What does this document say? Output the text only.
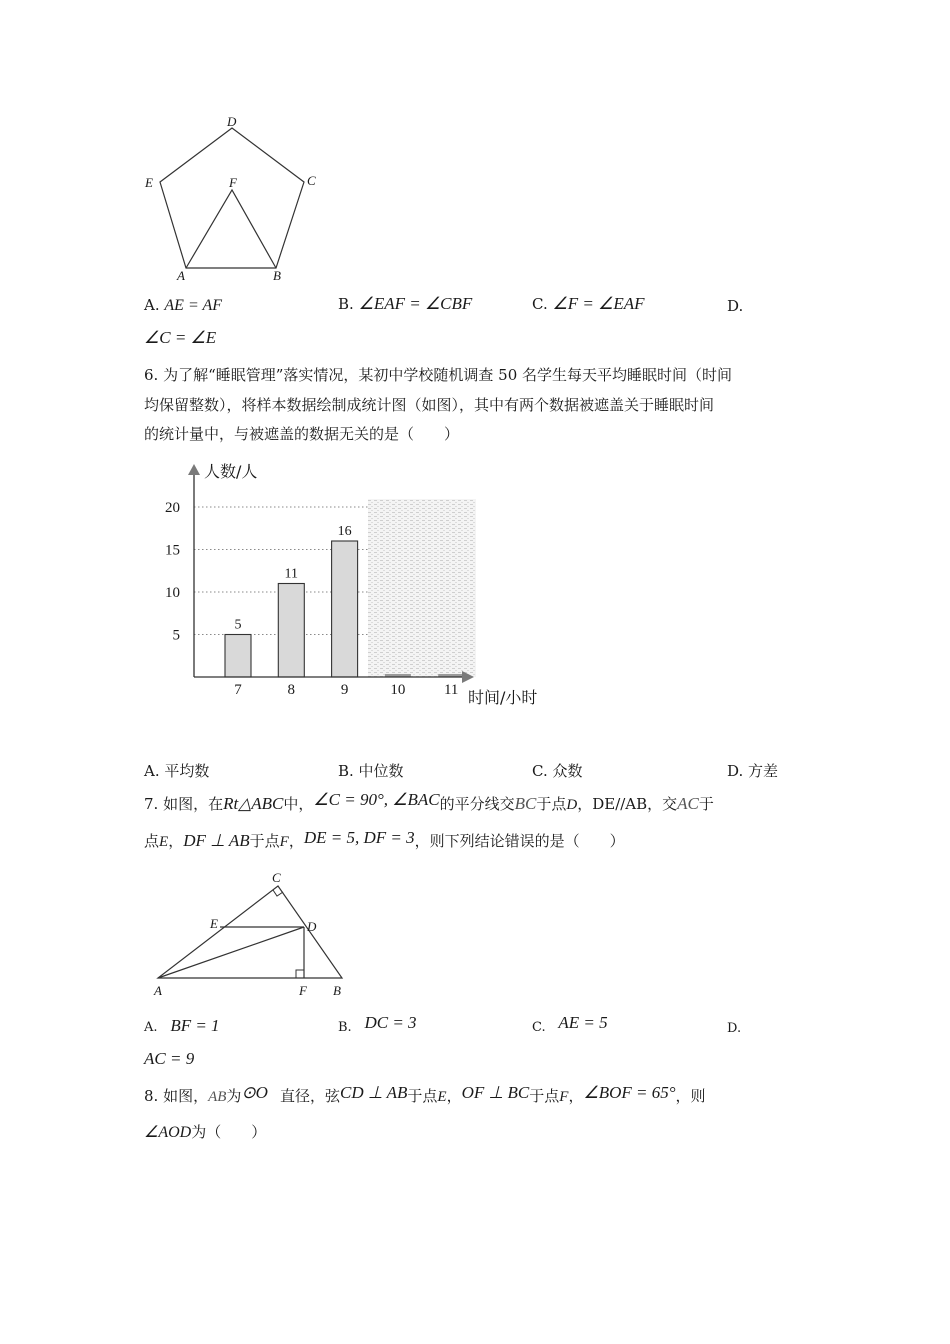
D
E	C
F
A	B
A. AE = AF	B. ∠EAF = ∠CBF	C. ∠F = ∠EAF	D.
∠C = ∠E
6. 为了解“睡眠管理”落实情况，某初中学校随机调查 50 名学生每天平均睡眠时间（时间
均保留整数），将样本数据绘制成统计图（如图），其中有两个数据被遮盖关于睡眠时间
的统计量中，与被遮盖的数据无关的是（　　）
5
11
16
人数/人
时间/小时
5
10
15
20
7	8	9	10	11
A. 平均数	B. 中位数	C. 众数	D. 方差
7. 如图，在Rt△ABC中，∠C = 90°, ∠BAC的平分线交BC于点D，DE//AB，交AC于
点E，DF ⊥ AB于点F，DE = 5, DF = 3，则下列结论错误的是（　　）
C
E	D
A	F B
A. BF = 1	B. DC = 3	C. AE = 5	D.
AC = 9
8. 如图，AB为⊙O 直径，弦CD ⊥ AB于点E，OF ⊥ BC于点F，∠BOF = 65°，则
∠AOD为（　　）
